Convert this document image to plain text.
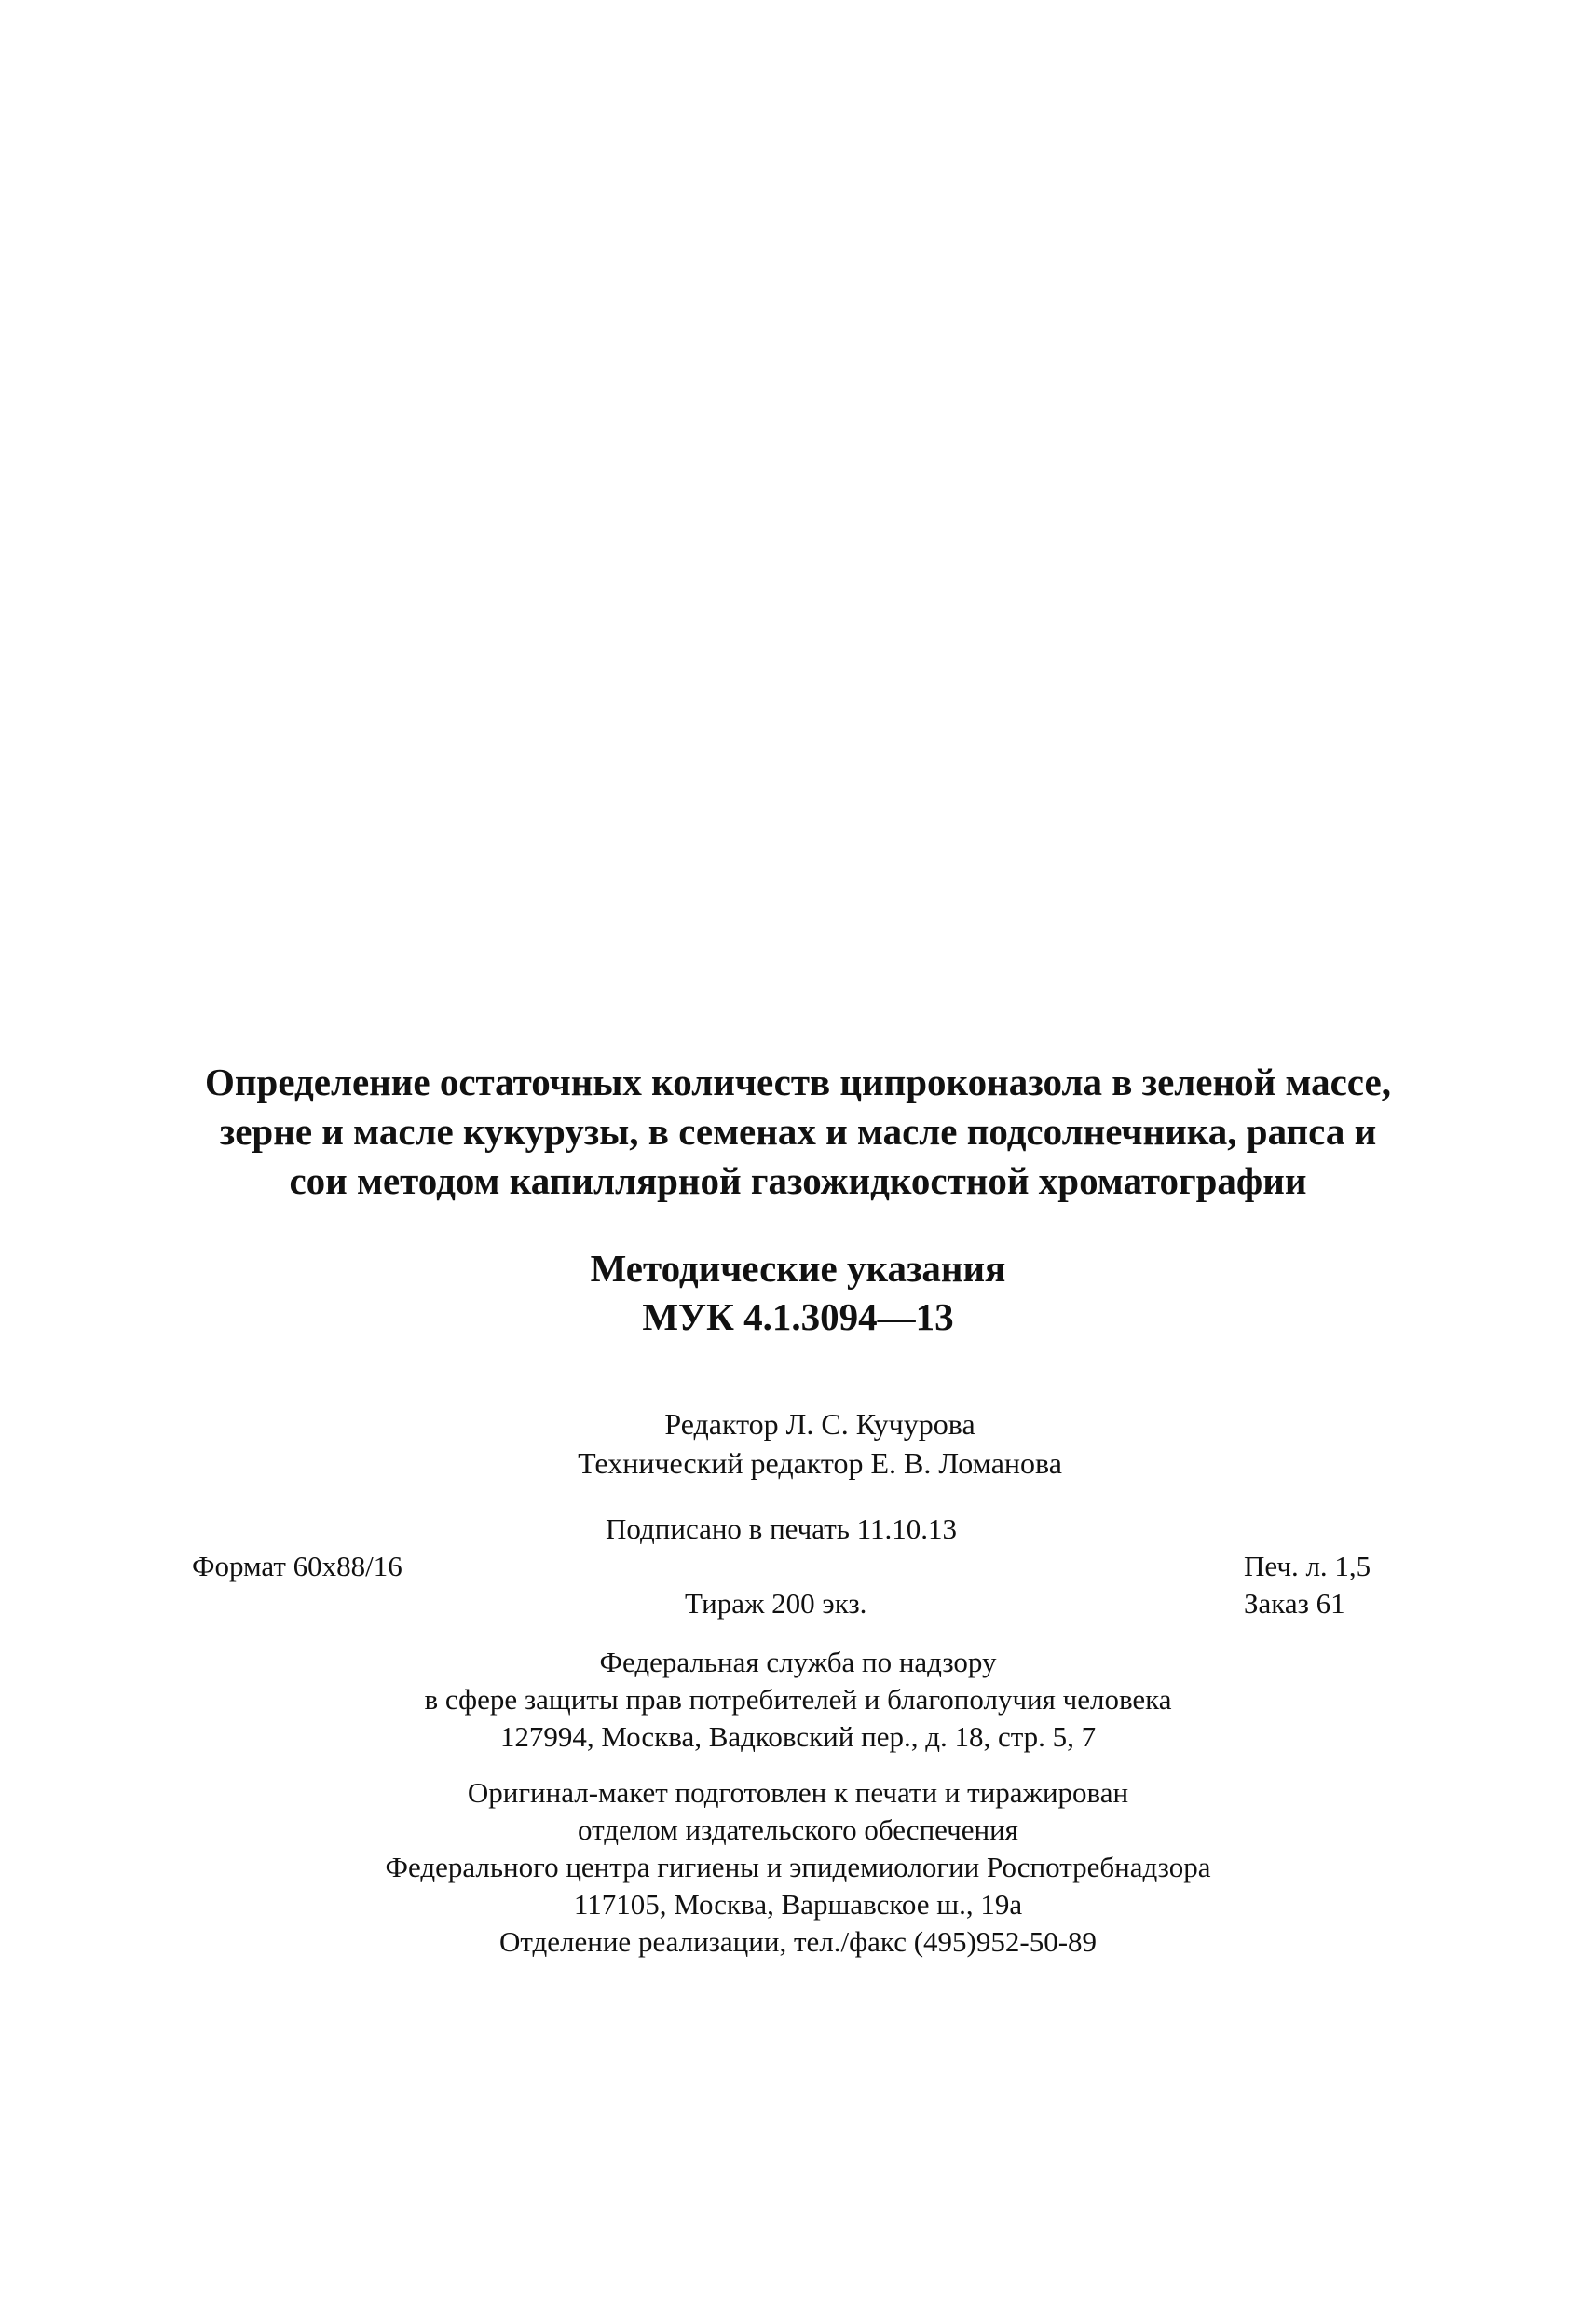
Определение остаточных количеств ципроконазола в зеленой массе,
зерне и масле кукурузы, в семенах и масле подсолнечника, рапса и
сои методом капиллярной газожидкостной хроматографии
Методические указания
МУК 4.1.3094—13
Редактор Л. С. Кучурова
Технический редактор Е. В. Ломанова
Подписано в печать 11.10.13
Формат 60x88/16	Печ. л. 1,5
Тираж 200 экз.	Заказ 61
Федеральная служба по надзору
в сфере защиты прав потребителей и благополучия человека
127994, Москва, Вадковский пер., д. 18, стр. 5, 7
Оригинал-макет подготовлен к печати и тиражирован
отделом издательского обеспечения
Федерального центра гигиены и эпидемиологии Роспотребнадзора
117105, Москва, Варшавское ш., 19а
Отделение реализации, тел./факс (495)952-50-89
